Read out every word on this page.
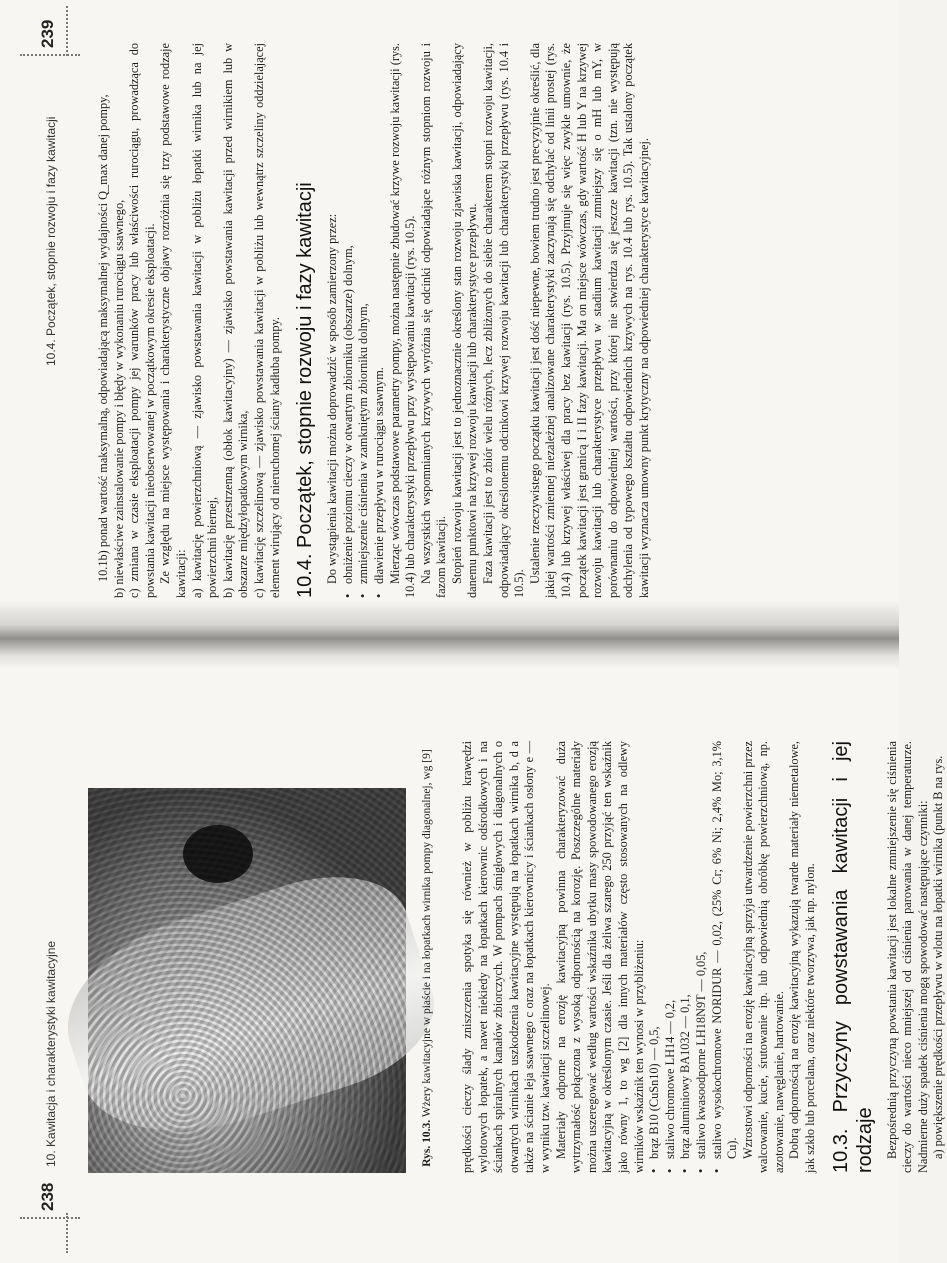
238
10. Kawitacja i charakterystyki kawitacyjne	Rys. 10.3. Wżery kawitacyjne w piaście i na łopatkach wirnika pompy diagonalnej, wg [9] prędkości cieczy ślady zniszczenia spotyka się również w pobliżu krawędzi wylotowych łopatek, a nawet niekiedy na łopatkach kierownic odśrodkowych i na ściankach spiralnych kanałów zbiorczych. W pompach śmigłowych i diagonalnych o otwartych wirnikach uszkodzenia kawitacyjne występują na łopatkach wirnika b, d a także na ścianie leja ssawnego c oraz na łopatkach kierownicy i ściankach osłony e — w wyniku tzw. kawitacji szczelinowej. Materiały odporne na erozję kawitacyjną powinna charakteryzować duża wytrzymałość połączona z wysoką odpornością na korozję. Poszczególne materiały można uszeregować według wartości wskaźnika ubytku masy spowodowanego erozją kawitacyjną w określonym czasie. Jeśli dla żeliwa szarego 250 przyjąć ten wskaźnik jako równy 1, to wg [2] dla innych materiałów często stosowanych na odlewy wirników wskaźnik ten wynosi w przybliżeniu: •
brąz B10 (CuSn10) — 0,5,
•
staliwo chromowe LH14 — 0,2,
•
brąz aluminiowy BA1032 — 0,1,
•
staliwo kwasoodporne LH18N9T — 0,05,
•
staliwo wysokochromowe NORIDUR — 0,02, (25% Cr; 6% Ni; 2,4% Mo; 3,1% Cu). Wzrostowi odporności na erozję kawitacyjną sprzyja utwardzenie powierzchni przez walcowanie, kucie, śrutowanie itp. lub odpowiednią obróbkę powierzchniową, np. azotowanie, nawęglanie, hartowanie. Dobrą odpornością na erozję kawitacyjną wykazują twarde materiały niemetalowe, jak szkło lub porcelana, oraz niektóre tworzywa, jak np. nylon. 10.3. Przyczyny powstawania kawitacji i jej rodzaje Bezpośrednią przyczyną powstania kawitacji jest lokalne zmniejszenie się ciśnienia cieczy do wartości nieco mniejszej od ciśnienia parowania w danej temperaturze. Nadmierne duży spadek ciśnienia mogą spowodować następujące czynniki: a) powiększenie prędkości przepływu w wlotu na łopatki wirnika (punkt B na rys.

10.4. Początek, stopnie rozwoju i fazy kawitacji
239

10.1b) ponad wartość maksymalną, odpowiadającą maksymalnej wydajności Q_max danej pompy, b) niewłaściwe zainstalowanie pompy i błędy w wykonaniu rurociągu ssawnego, c) zmiana w czasie eksploatacji pompy jej warunków pracy lub właściwości rurociągu, prowadząca do powstania kawitacji nieobserwowanej w początkowym okresie eksploatacji. Ze względu na miejsce występowania i charakterystyczne objawy rozróżnia się trzy podstawowe rodzaje kawitacji: a) kawitację powierzchniową — zjawisko powstawania kawitacji w pobliżu łopatki wirnika lub na jej powierzchni biernej, b) kawitację przestrzenną (obłok kawitacyjny) — zjawisko powstawania kawitacji przed wirnikiem lub w obszarze międzyłopatkowym wirnika, c) kawitację szczelinową — zjawisko powstawania kawitacji w pobliżu lub wewnątrz szczeliny oddzielającej element wirujący od nieruchomej ściany kadłuba pompy. 10.4. Początek, stopnie rozwoju i fazy kawitacji Do wystąpienia kawitacji można doprowadzić w sposób zamierzony przez:

•
obniżenie poziomu cieczy w otwartym zbiorniku (obszarze) dolnym,
•
zmniejszenie ciśnienia w zamkniętym zbiorniku dolnym,
•
dławienie przepływu w rurociągu ssawnym. Mierząc wówczas podstawowe parametry pompy, można następnie zbudować krzywe rozwoju kawitacji (rys. 10.4) lub charakterystyki przepływu przy występowaniu kawitacji (rys. 10.5). Na wszystkich wspomnianych krzywych wyróżnia się odcinki odpowiadające różnym stopniom rozwoju i fazom kawitacji. Stopień rozwoju kawitacji jest to jednoznacznie określony stan rozwoju zjawiska kawitacji, odpowiadający danemu punktowi na krzywej rozwoju kawitacji lub charakterystyce przepływu. Faza kawitacji jest to zbiór wielu różnych, lecz zbliżonych do siebie charakterem stopni rozwoju kawitacji, odpowiadający określonemu odcinkowi krzywej rozwoju kawitacji lub charakterystyki przepływu (rys. 10.4 i 10.5). Ustalenie rzeczywistego początku kawitacji jest dość niepewne, bowiem trudno jest precyzyjnie określić, dla jakiej wartości zmiennej niezależnej analizowane charakterystyki zaczynają się odchylać od linii prostej (rys. 10.4) lub krzywej właściwej dla pracy bez kawitacji (rys. 10.5). Przyjmuje się więc zwykle umownie, że początek kawitacji jest granicą I i II fazy kawitacji. Ma on miejsce wówczas, gdy wartość H lub Y na krzywej rozwoju kawitacji lub charakterystyce przepływu w stadium kawitacji zmniejszy się o mH lub mY, w porównaniu do odpowiedniej wartości, przy której nie stwierdza się jeszcze kawitacji (tzn. nie występują odchylenia od typowego kształtu odpowiednich krzywych na rys. 10.4 lub rys. 10.5). Tak ustalony początek kawitacji wyznacza umowny punkt krytyczny na odpowiedniej charakterystyce kawitacyjnej.
